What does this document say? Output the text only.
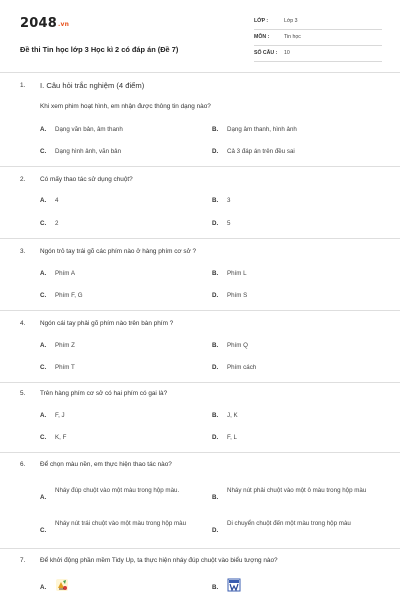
2048.vn
Đề thi Tin học lớp 3 Học kì 2 có đáp án (Đề 7)
LỚP :	Lớp 3
MÔN :	Tin học
SỐ CÂU : 10
1. I. Câu hỏi trắc nghiệm (4 điểm)
Khi xem phim hoạt hình, em nhận được thông tin dạng nào?
A. Dạng văn bản, âm thanh	B. Dạng âm thanh, hình ảnh
C. Dạng hình ảnh, văn bản	D. Cả 3 đáp án trên đều sai
2. Có mấy thao tác sử dụng chuột?
A. 4	B. 3
C. 2	D. 5
3. Ngón trỏ tay trái gõ các phím nào ở hàng phím cơ sở ?
A. Phím A	B. Phím L
C. Phím F, G	D. Phím S
4. Ngón cái tay phải gõ phím nào trên bàn phím ?
A. Phím Z	B. Phím Q
C. Phím T	D. Phím cách
5. Trên hàng phím cơ sở có hai phím có gai là?
A. F, J	B. J, K
C. K, F	D. F, L
6. Để chọn màu nền, em thực hiện thao tác nào?
A.
Nháy đúp chuột vào một màu trong hộp màu.
B.
Nháy nút phải chuột vào một ô màu trong hộp màu
C.
Nháy nút trái chuột vào một màu trong hộp màu
D.
Di chuyển chuột đến một màu trong hộp màu
7. Để khởi động phần mềm Tidy Up, ta thực hiện nháy đúp chuột vào biểu tượng nào?
A.	B.
